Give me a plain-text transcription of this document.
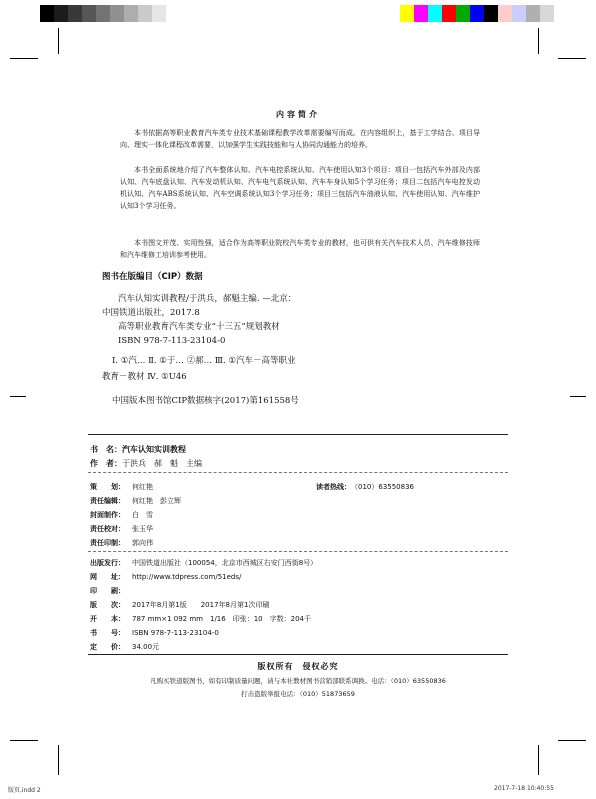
内容简介
本书依据高等职业教育汽车类专业技术基础课程教学改革需要编写而成。在内容组织上，基于工学结合、项目导向、理实一体化课程改革需要，以加强学生实践技能和与人协同沟通能力的培养。
本书全面系统地介绍了汽车整体认知、汽车电控系统认知、汽车使用认知3个项目：项目一包括汽车外部及内部认知、汽车底盘认知、汽车发动机认知、汽车电气系统认知、汽车车身认知5个学习任务；项目二包括汽车电控发动机认知、汽车ABS系统认知、汽车空调系统认知3个学习任务；项目三包括汽车油液认知、汽车使用认知、汽车维护认知3个学习任务。
本书图文并茂、实用性强，适合作为高等职业院校汽车类专业的教材，也可供有关汽车技术人员、汽车维修技师和汽车维修工培训参考使用。
图书在版编目（CIP）数据
汽车认知实训教程/于洪兵，郝魁主编. —北京：
中国铁道出版社，2017.8
高等职业教育汽车类专业“十三五”规划教材
ISBN 978-7-113-23104-0
Ⅰ. ①汽… Ⅱ. ①于… ②郝… Ⅲ. ①汽车－高等职业
教育－教材 Ⅳ. ①U46
中国版本图书馆CIP数据核字(2017)第161558号
书　名：汽车认知实训教程
作　者：于洪兵　郝　魁　主编
策　　划： 何红艳	读者热线：（010）63550836
责任编辑： 何红艳　彭立辉
封面制作： 白　雪
责任校对： 张玉华
责任印制： 郭向伟
出版发行： 中国铁道出版社（100054，北京市西城区右安门西街8号）
网　　址： http://www.tdpress.com/51eds/
印　　刷：
版　　次： 2017年8月第1版　　2017年8月第1次印刷
开　　本： 787 mm×1 092 mm　1/16　印张：10　字数：204千
书　　号： ISBN 978-7-113-23104-0
定　　价： 34.00元
版权所有　侵权必究
凡购买铁道版图书，如有印制质量问题，请与本社教材图书营销部联系调换。电话：（010）63550836
打击盗版举报电话：（010）51873659
版页.indd 2	2017-7-18 10:40:55
